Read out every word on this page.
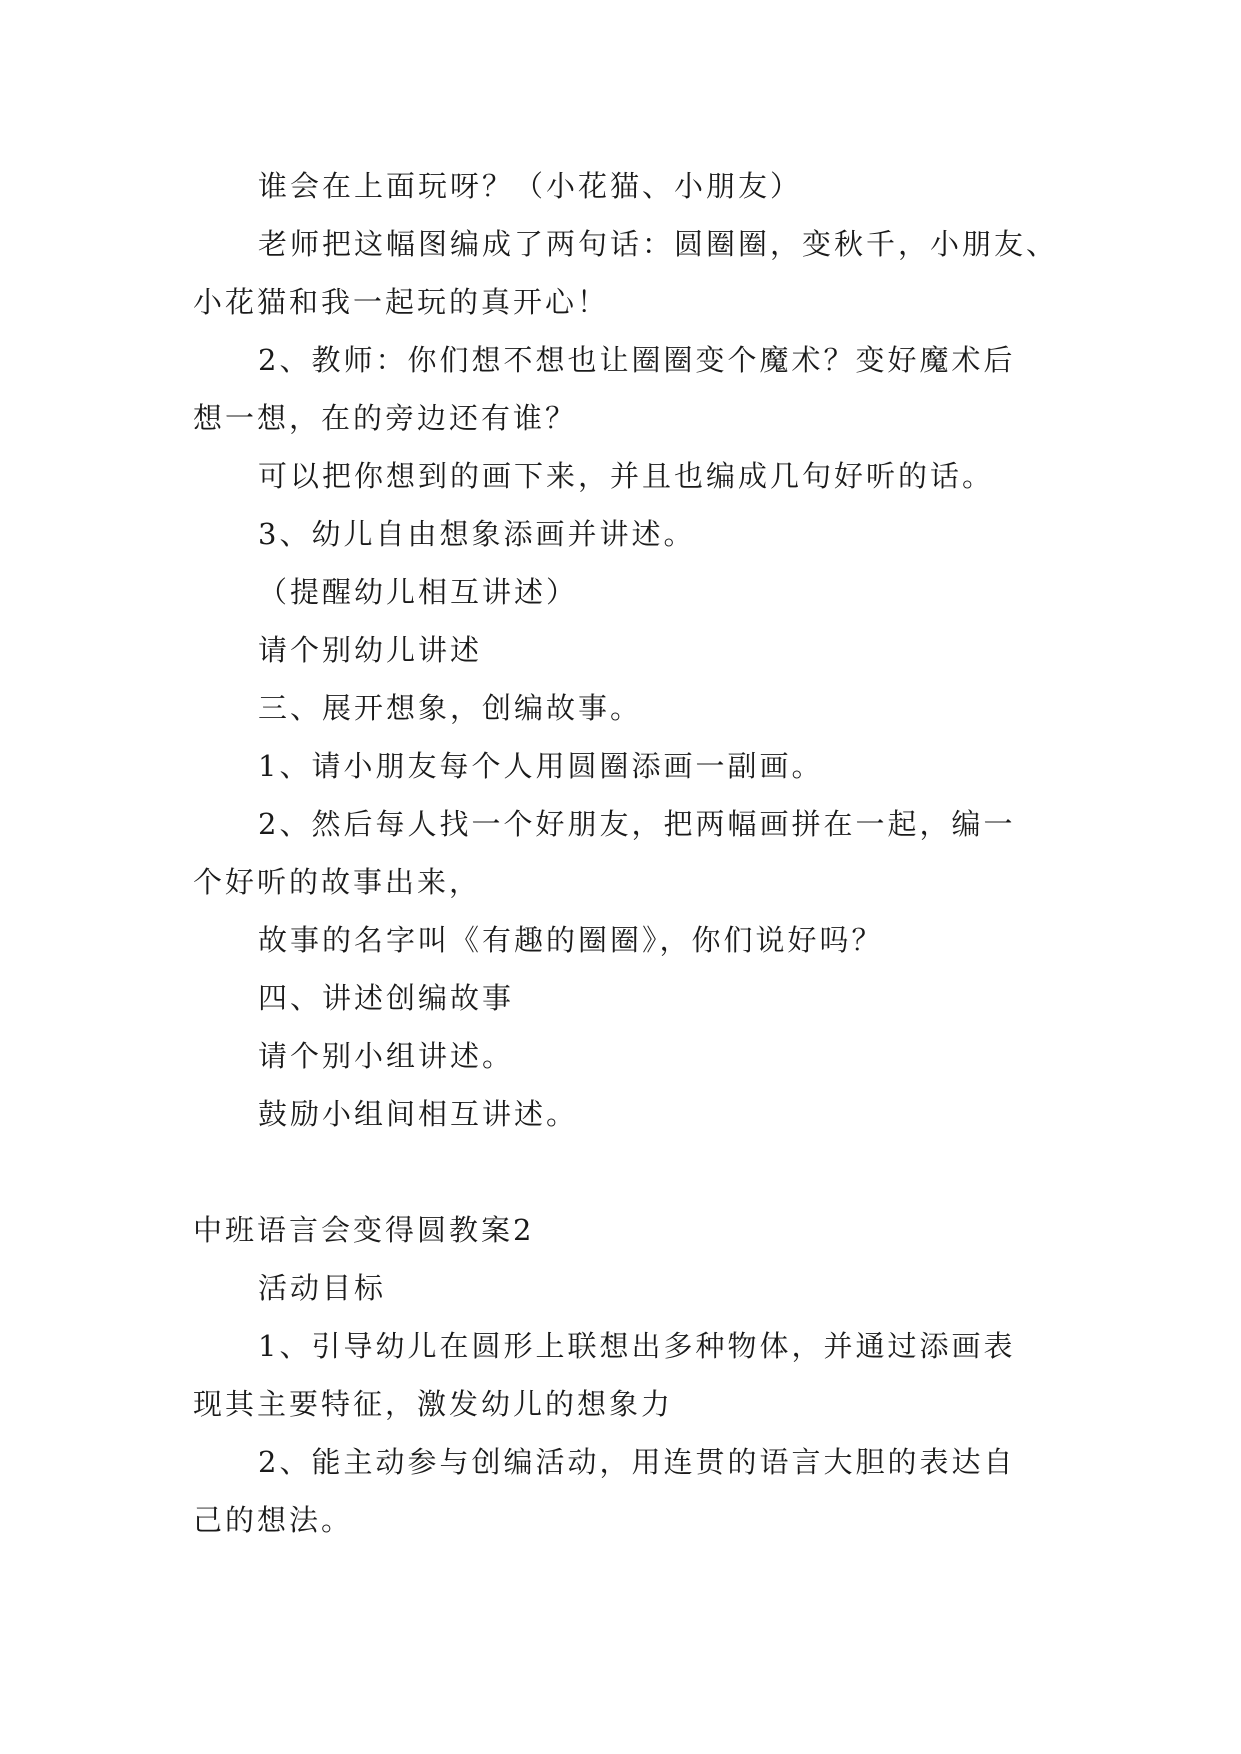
谁会在上面玩呀？（小花猫、小朋友）
老师把这幅图编成了两句话：圆圈圈，变秋千，小朋友、
小花猫和我一起玩的真开心！
2、教师：你们想不想也让圈圈变个魔术？变好魔术后
想一想，在的旁边还有谁？
可以把你想到的画下来，并且也编成几句好听的话。
3、幼儿自由想象添画并讲述。
（提醒幼儿相互讲述）
请个别幼儿讲述
三、展开想象，创编故事。
1、请小朋友每个人用圆圈添画一副画。
2、然后每人找一个好朋友，把两幅画拼在一起，编一
个好听的故事出来，
故事的名字叫《有趣的圈圈》，你们说好吗？
四、讲述创编故事
请个别小组讲述。
鼓励小组间相互讲述。
中班语言会变得圆教案2
活动目标
1、引导幼儿在圆形上联想出多种物体，并通过添画表
现其主要特征，激发幼儿的想象力
2、能主动参与创编活动，用连贯的语言大胆的表达自
己的想法。
